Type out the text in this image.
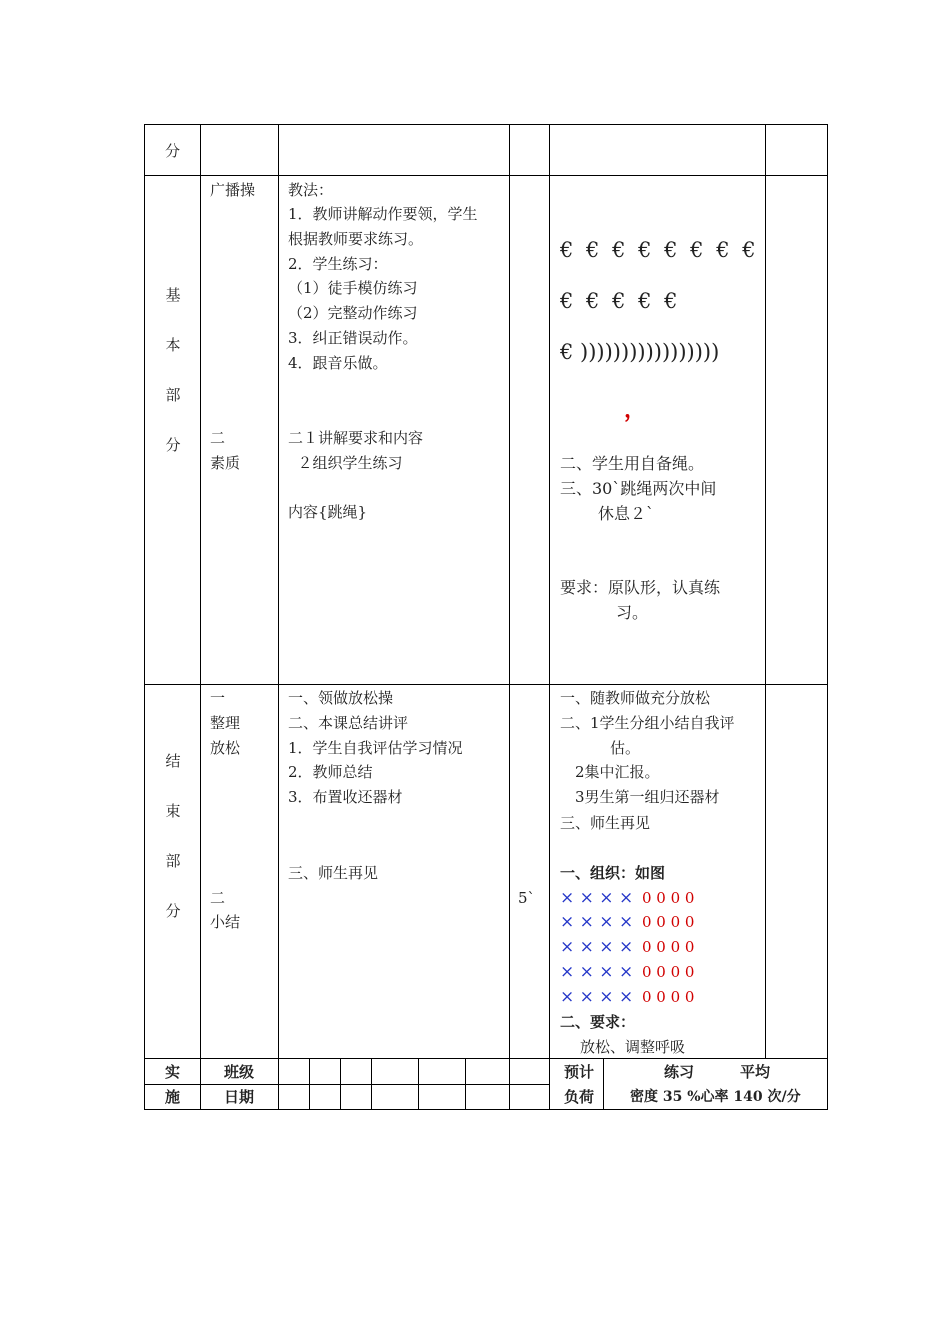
分
基
本
部
分
广播操
二
素质
教法：
1．教师讲解动作要领，学生
根据教师要求练习。
2．学生练习：
（1）徒手模仿练习
（2）完整动作练习
3．纠正错误动作。
4．跟音乐做。
二１讲解要求和内容
２组织学生练习
内容{跳绳}
€ € € € € € € €
€ € € € €
€ )))))))))))))))))
，
二、学生用自备绳。
三、30`跳绳两次中间
休息２`
要求：原队形，认真练
习。
结
束
部
分
一
整理
放松
二
小结
一、领做放松操
二、本课总结讲评
1．学生自我评估学习情况
2．教师总结
3．布置收还器材
三、师生再见
5`
一、随教师做充分放松
二、1学生分组小结自我评
估。
2集中汇报。
3男生第一组归还器材
三、师生再见
一、组织：如图
× × × × 0 0 0 0
× × × × 0 0 0 0
× × × × 0 0 0 0
× × × × 0 0 0 0
× × × × 0 0 0 0
二、要求：
放松、调整呼吸
实
施
班级
日期
预计
负荷
练习	平均
密度 35 %心率 140 次/分
